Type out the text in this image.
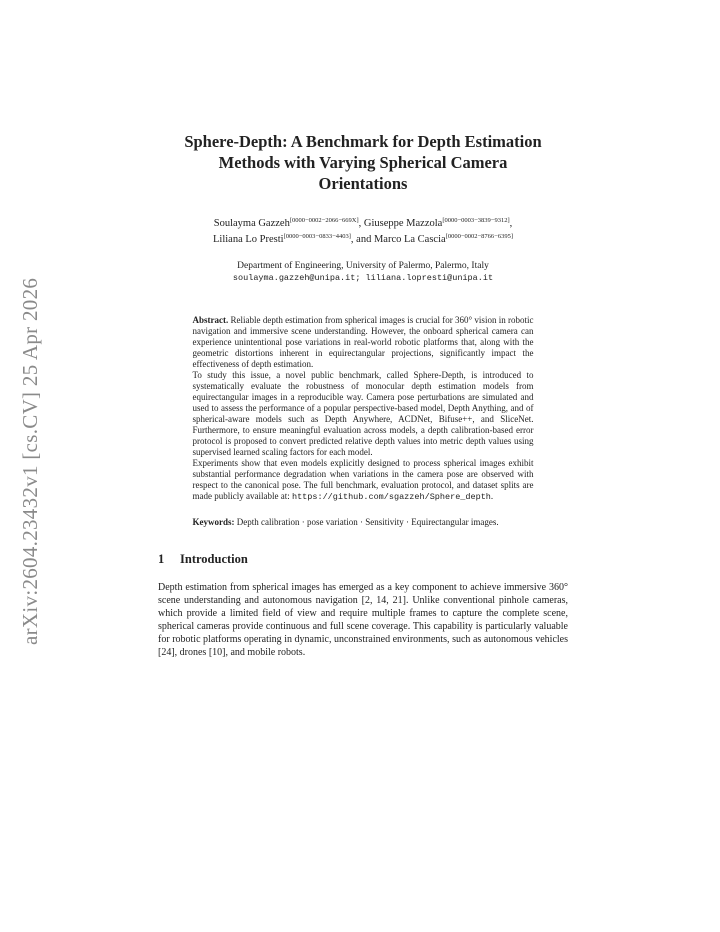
arXiv:2604.23432v1 [cs.CV] 25 Apr 2026
Sphere-Depth: A Benchmark for Depth Estimation Methods with Varying Spherical Camera Orientations
Soulayma Gazzeh[0000−0002−2066−669X], Giuseppe Mazzola[0000−0003−3839−9312],
Liliana Lo Presti[0000−0003−0833−4403], and Marco La Cascia[0000−0002−8766−6395]
Department of Engineering, University of Palermo, Palermo, Italy
soulayma.gazzeh@unipa.it; liliana.lopresti@unipa.it

Abstract. Reliable depth estimation from spherical images is crucial for 360° vision in robotic navigation and immersive scene understanding. However, the onboard spherical camera can experience unintentional pose variations in real-world robotic platforms that, along with the geometric distortions inherent in equirectangular projections, significantly impact the effectiveness of depth estimation.

To study this issue, a novel public benchmark, called Sphere-Depth, is introduced to systematically evaluate the robustness of monocular depth estimation models from equirectangular images in a reproducible way. Camera pose perturbations are simulated and used to assess the performance of a popular perspective-based model, Depth Anything, and of spherical-aware models such as Depth Anywhere, ACDNet, Bifuse++, and SliceNet. Furthermore, to ensure meaningful evaluation across models, a depth calibration-based error protocol is proposed to convert predicted relative depth values into metric depth values using supervised learned scaling factors for each model.

Experiments show that even models explicitly designed to process spherical images exhibit substantial performance degradation when variations in the camera pose are observed with respect to the canonical pose. The full benchmark, evaluation protocol, and dataset splits are made publicly available at: https://github.com/sgazzeh/Sphere_depth.

Keywords: Depth calibration · pose variation · Sensitivity · Equirectangular images.
1 Introduction
Depth estimation from spherical images has emerged as a key component to achieve immersive 360° scene understanding and autonomous navigation [2, 14, 21]. Unlike conventional pinhole cameras, which provide a limited field of view and require multiple frames to capture the complete scene, spherical cameras provide continuous and full scene coverage. This capability is particularly valuable for robotic platforms operating in dynamic, unconstrained environments, such as autonomous vehicles [24], drones [10], and mobile robots.
